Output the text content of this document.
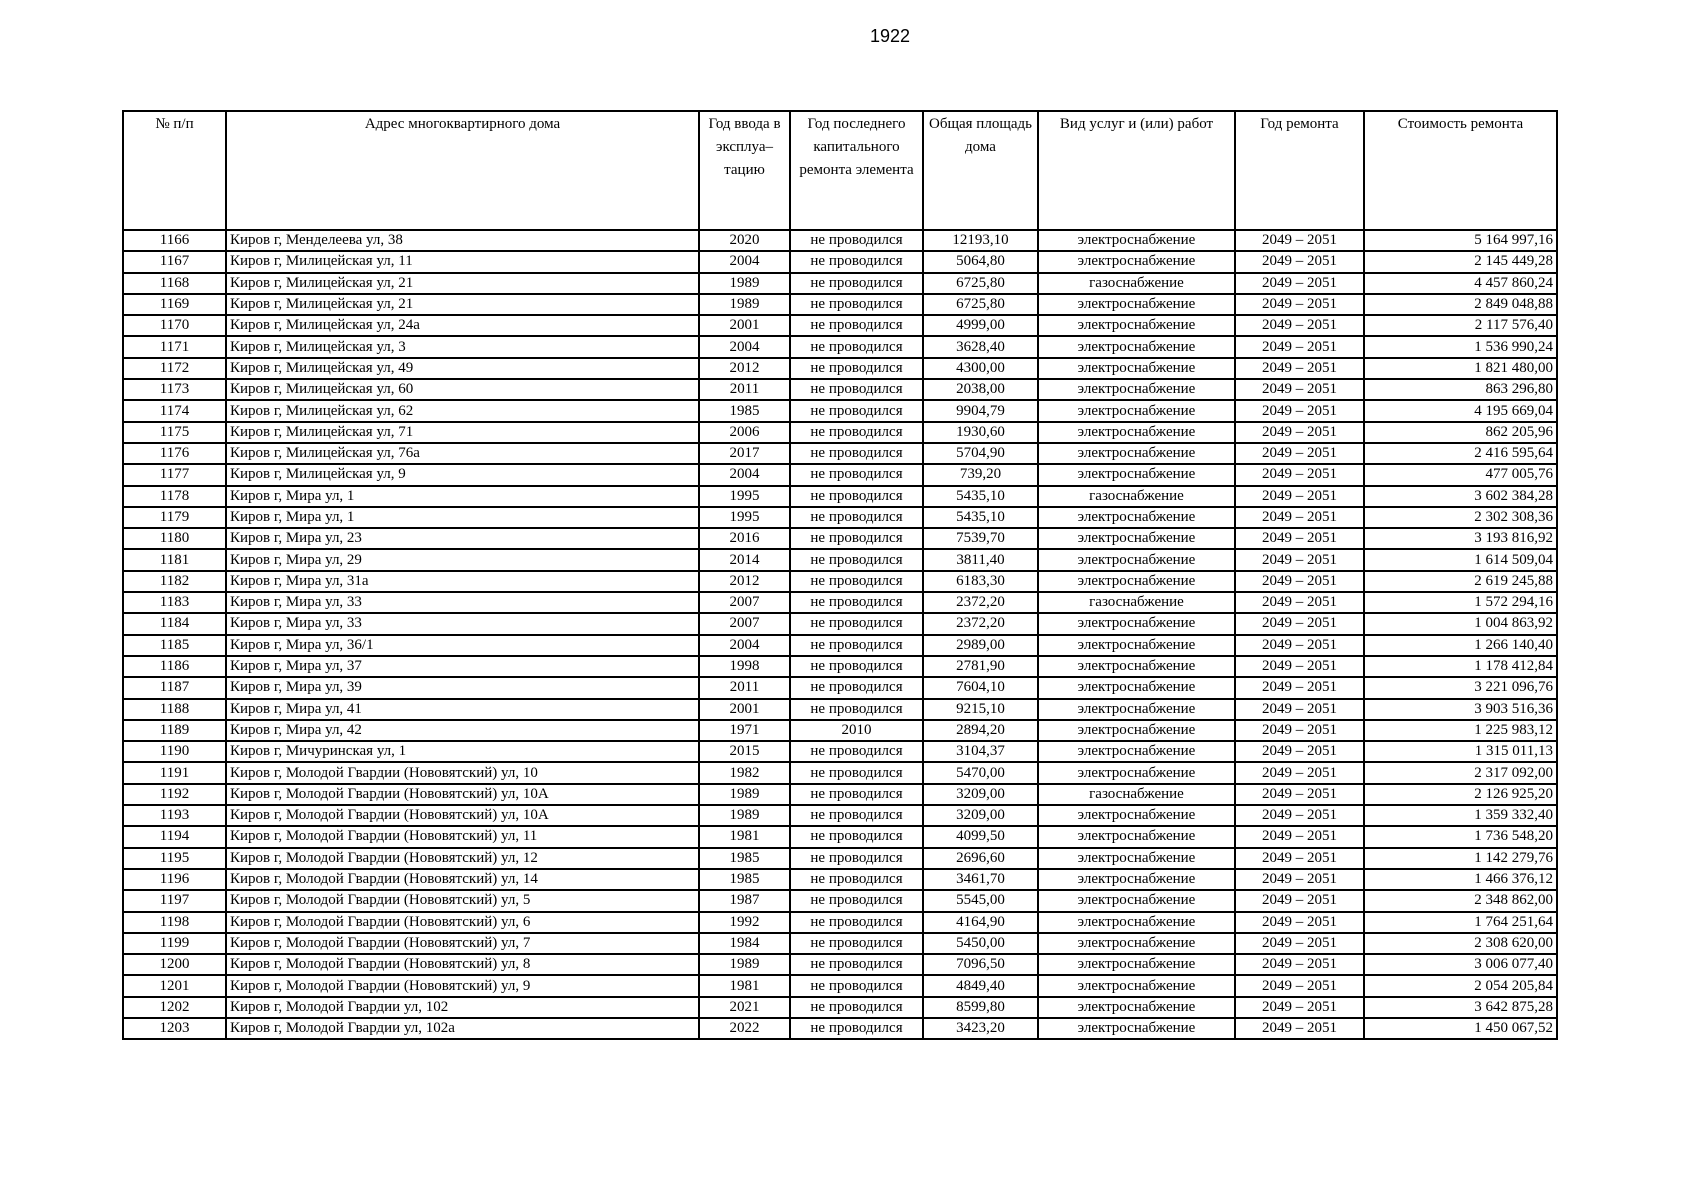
1922
№ п/п	Адрес многоквартирного дома	Год ввода в эксплуа– тацию	Год последнего капитального ремонта элемента	Общая площадь дома	Вид услуг и (или) работ	Год ремонта	Стоимость ремонта
1166	Киров г, Менделеева ул, 38	2020	не проводился	12193,10	электроснабжение	2049 – 2051	5 164 997,16
1167	Киров г, Милицейская ул, 11	2004	не проводился	5064,80	электроснабжение	2049 – 2051	2 145 449,28
1168	Киров г, Милицейская ул, 21	1989	не проводился	6725,80	газоснабжение	2049 – 2051	4 457 860,24
1169	Киров г, Милицейская ул, 21	1989	не проводился	6725,80	электроснабжение	2049 – 2051	2 849 048,88
1170	Киров г, Милицейская ул, 24а	2001	не проводился	4999,00	электроснабжение	2049 – 2051	2 117 576,40
1171	Киров г, Милицейская ул, 3	2004	не проводился	3628,40	электроснабжение	2049 – 2051	1 536 990,24
1172	Киров г, Милицейская ул, 49	2012	не проводился	4300,00	электроснабжение	2049 – 2051	1 821 480,00
1173	Киров г, Милицейская ул, 60	2011	не проводился	2038,00	электроснабжение	2049 – 2051	863 296,80
1174	Киров г, Милицейская ул, 62	1985	не проводился	9904,79	электроснабжение	2049 – 2051	4 195 669,04
1175	Киров г, Милицейская ул, 71	2006	не проводился	1930,60	электроснабжение	2049 – 2051	862 205,96
1176	Киров г, Милицейская ул, 76а	2017	не проводился	5704,90	электроснабжение	2049 – 2051	2 416 595,64
1177	Киров г, Милицейская ул, 9	2004	не проводился	739,20	электроснабжение	2049 – 2051	477 005,76
1178	Киров г, Мира ул, 1	1995	не проводился	5435,10	газоснабжение	2049 – 2051	3 602 384,28
1179	Киров г, Мира ул, 1	1995	не проводился	5435,10	электроснабжение	2049 – 2051	2 302 308,36
1180	Киров г, Мира ул, 23	2016	не проводился	7539,70	электроснабжение	2049 – 2051	3 193 816,92
1181	Киров г, Мира ул, 29	2014	не проводился	3811,40	электроснабжение	2049 – 2051	1 614 509,04
1182	Киров г, Мира ул, 31а	2012	не проводился	6183,30	электроснабжение	2049 – 2051	2 619 245,88
1183	Киров г, Мира ул, 33	2007	не проводился	2372,20	газоснабжение	2049 – 2051	1 572 294,16
1184	Киров г, Мира ул, 33	2007	не проводился	2372,20	электроснабжение	2049 – 2051	1 004 863,92
1185	Киров г, Мира ул, 36/1	2004	не проводился	2989,00	электроснабжение	2049 – 2051	1 266 140,40
1186	Киров г, Мира ул, 37	1998	не проводился	2781,90	электроснабжение	2049 – 2051	1 178 412,84
1187	Киров г, Мира ул, 39	2011	не проводился	7604,10	электроснабжение	2049 – 2051	3 221 096,76
1188	Киров г, Мира ул, 41	2001	не проводился	9215,10	электроснабжение	2049 – 2051	3 903 516,36
1189	Киров г, Мира ул, 42	1971	2010	2894,20	электроснабжение	2049 – 2051	1 225 983,12
1190	Киров г, Мичуринская ул, 1	2015	не проводился	3104,37	электроснабжение	2049 – 2051	1 315 011,13
1191	Киров г, Молодой Гвардии (Нововятский) ул, 10	1982	не проводился	5470,00	электроснабжение	2049 – 2051	2 317 092,00
1192	Киров г, Молодой Гвардии (Нововятский) ул, 10А	1989	не проводился	3209,00	газоснабжение	2049 – 2051	2 126 925,20
1193	Киров г, Молодой Гвардии (Нововятский) ул, 10А	1989	не проводился	3209,00	электроснабжение	2049 – 2051	1 359 332,40
1194	Киров г, Молодой Гвардии (Нововятский) ул, 11	1981	не проводился	4099,50	электроснабжение	2049 – 2051	1 736 548,20
1195	Киров г, Молодой Гвардии (Нововятский) ул, 12	1985	не проводился	2696,60	электроснабжение	2049 – 2051	1 142 279,76
1196	Киров г, Молодой Гвардии (Нововятский) ул, 14	1985	не проводился	3461,70	электроснабжение	2049 – 2051	1 466 376,12
1197	Киров г, Молодой Гвардии (Нововятский) ул, 5	1987	не проводился	5545,00	электроснабжение	2049 – 2051	2 348 862,00
1198	Киров г, Молодой Гвардии (Нововятский) ул, 6	1992	не проводился	4164,90	электроснабжение	2049 – 2051	1 764 251,64
1199	Киров г, Молодой Гвардии (Нововятский) ул, 7	1984	не проводился	5450,00	электроснабжение	2049 – 2051	2 308 620,00
1200	Киров г, Молодой Гвардии (Нововятский) ул, 8	1989	не проводился	7096,50	электроснабжение	2049 – 2051	3 006 077,40
1201	Киров г, Молодой Гвардии (Нововятский) ул, 9	1981	не проводился	4849,40	электроснабжение	2049 – 2051	2 054 205,84
1202	Киров г, Молодой Гвардии ул, 102	2021	не проводился	8599,80	электроснабжение	2049 – 2051	3 642 875,28
1203	Киров г, Молодой Гвардии ул, 102а	2022	не проводился	3423,20	электроснабжение	2049 – 2051	1 450 067,52
